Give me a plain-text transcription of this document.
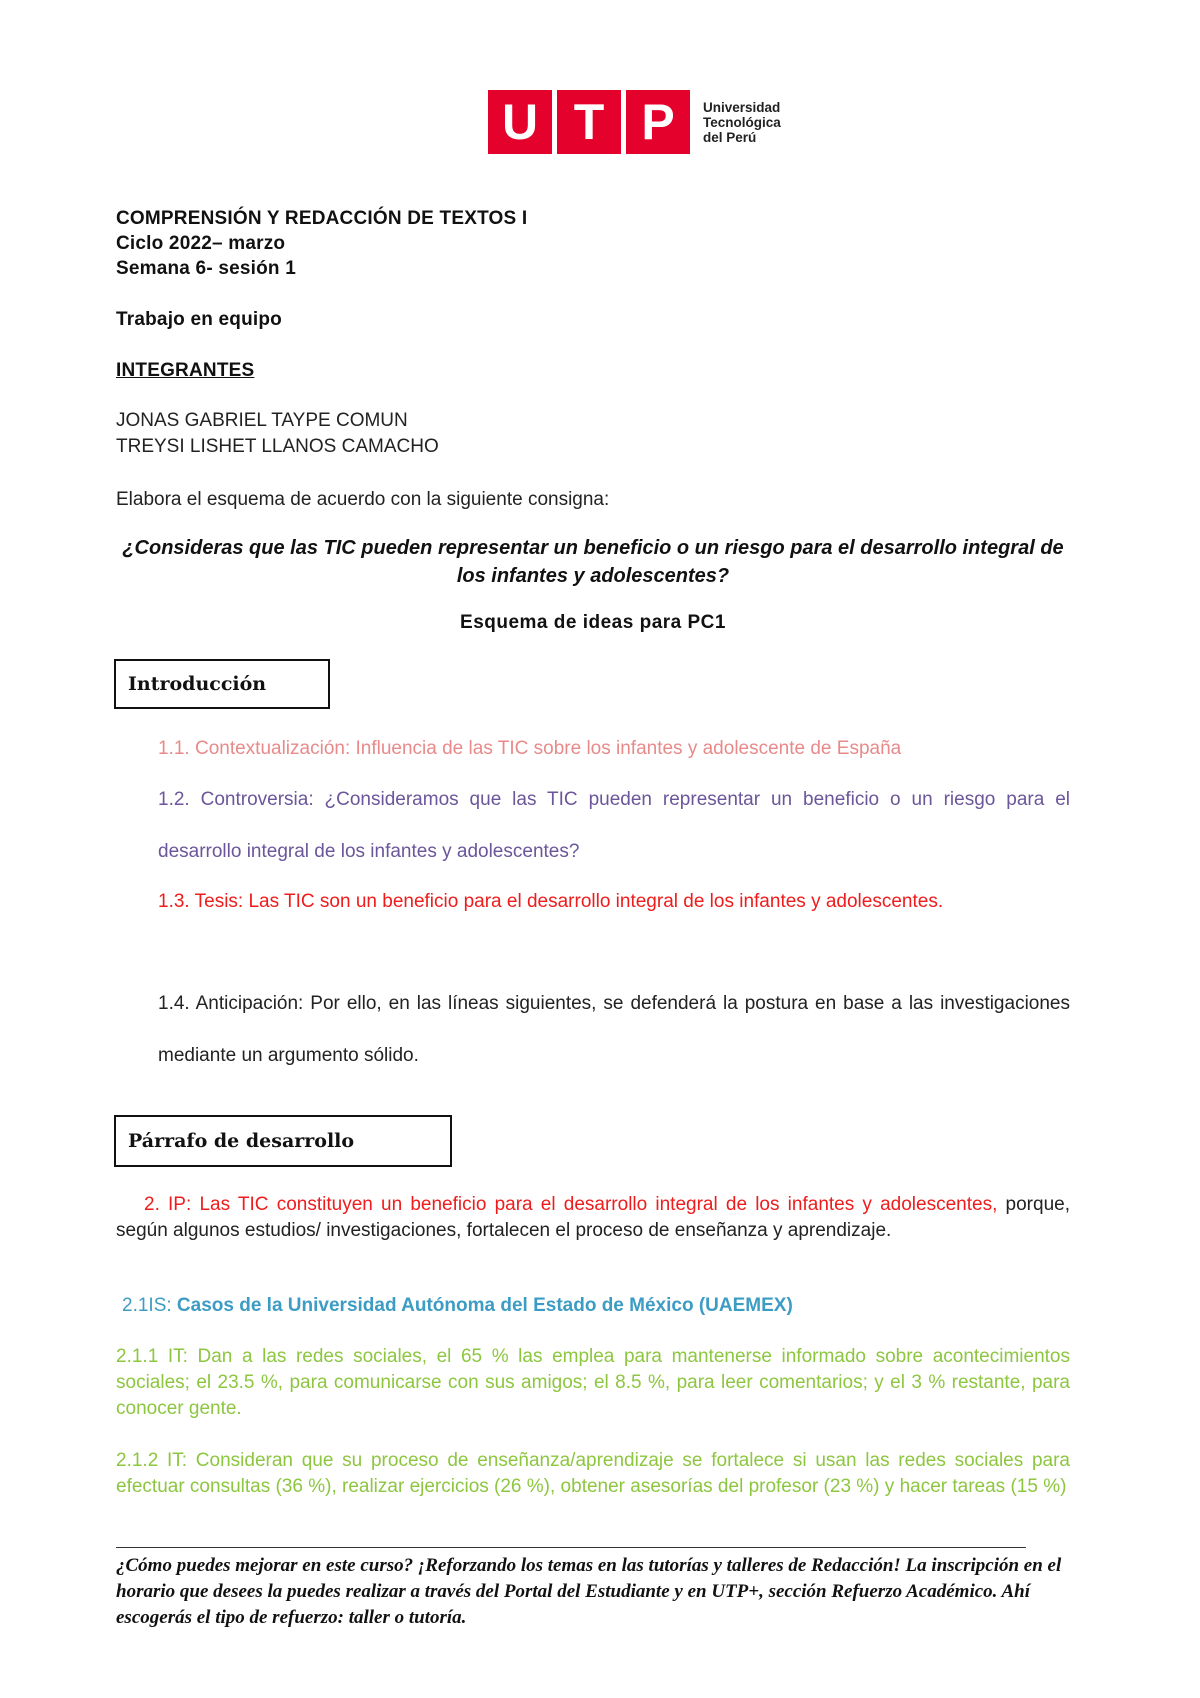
U T P	Universidad
Tecnológica
del Perú
COMPRENSIÓN Y REDACCIÓN DE TEXTOS I
Ciclo 2022– marzo
Semana 6- sesión 1
Trabajo en equipo
INTEGRANTES
JONAS GABRIEL TAYPE COMUN
TREYSI LISHET LLANOS CAMACHO
Elabora el esquema de acuerdo con la siguiente consigna:
¿Consideras que las TIC pueden representar un beneficio o un riesgo para el desarrollo integral de los infantes y adolescentes?
Esquema de ideas para PC1
Introducción
1.1. Contextualización: Influencia de las TIC sobre los infantes y adolescente de España
1.2. Controversia: ¿Consideramos que las TIC pueden representar un beneficio o un riesgo para el desarrollo integral de los infantes y adolescentes?
1.3. Tesis: Las TIC son un beneficio para el desarrollo integral de los infantes y adolescentes.
1.4. Anticipación: Por ello, en las líneas siguientes, se defenderá la postura en base a las investigaciones mediante un argumento sólido.
Párrafo de desarrollo
2. IP: Las TIC constituyen un beneficio para el desarrollo integral de los infantes y adolescentes, porque, según algunos estudios/ investigaciones, fortalecen el proceso de enseñanza y aprendizaje.
2.1IS: Casos de la Universidad Autónoma del Estado de México (UAEMEX)
2.1.1 IT: Dan a las redes sociales, el 65 % las emplea para mantenerse informado sobre acontecimientos sociales; el 23.5 %, para comunicarse con sus amigos; el 8.5 %, para leer comentarios; y el 3 % restante, para conocer gente.
2.1.2 IT: Consideran que su proceso de enseñanza/aprendizaje se fortalece si usan las redes sociales para efectuar consultas (36 %), realizar ejercicios (26 %), obtener asesorías del profesor (23 %) y hacer tareas (15 %)
¿Cómo puedes mejorar en este curso? ¡Reforzando los temas en las tutorías y talleres de Redacción! La inscripción en el horario que desees la puedes realizar a través del Portal del Estudiante y en UTP+, sección Refuerzo Académico. Ahí escogerás el tipo de refuerzo: taller o tutoría.
